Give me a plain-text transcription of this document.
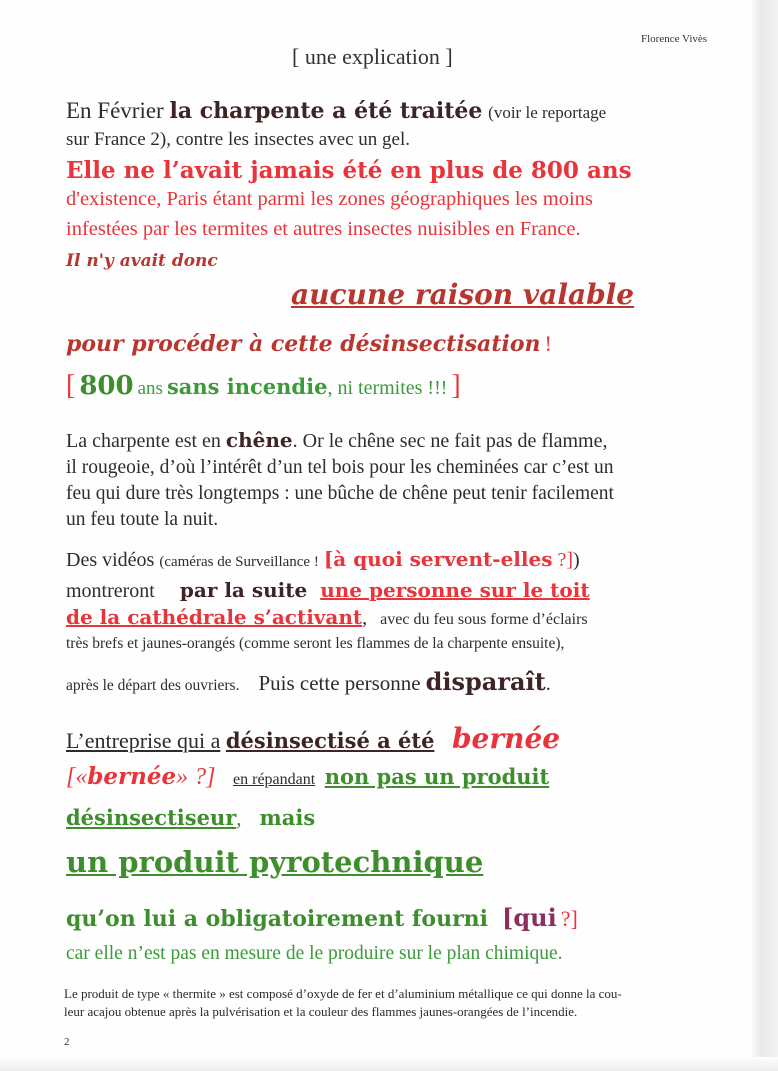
Florence Vivès
[ une explication ]
En Février la charpente a été traitée (voir le reportage
sur France 2), contre les insectes avec un gel.
Elle ne l’avait jamais été en plus de 800 ans
d'existence, Paris étant parmi les zones géographiques les moins
infestées par les termites et autres insectes nuisibles en France.
Il n'y avait donc
aucune raison valable
pour procéder à cette désinsectisation !
[ 800 ans sans incendie, ni termites !!! ]
La charpente est en chêne. Or le chêne sec ne fait pas de flamme,
il rougeoie, d’où l’intérêt d’un tel bois pour les cheminées car c’est un
feu qui dure très longtemps : une bûche de chêne peut tenir facilement
un feu toute la nuit.
Des vidéos (caméras de Surveillance ! [à quoi servent-elles ?])
montreront par la suite une personne sur le toit
de la cathédrale s’activant, avec du feu sous forme d’éclairs
très brefs et jaunes-orangés (comme seront les flammes de la charpente ensuite),
après le départ des ouvriers. Puis cette personne disparaît.
L’entreprise qui a désinsectisé a été bernée
[«bernée» ?] en répandant non pas un produit
désinsectiseur, mais
un produit pyrotechnique
qu’on lui a obligatoirement fourni [qui ?]
car elle n’est pas en mesure de le produire sur le plan chimique.
Le produit de type « thermite » est composé d’oxyde de fer et d’aluminium métallique ce qui donne la cou-
leur acajou obtenue après la pulvérisation et la couleur des flammes jaunes-orangées de l’incendie.
2
